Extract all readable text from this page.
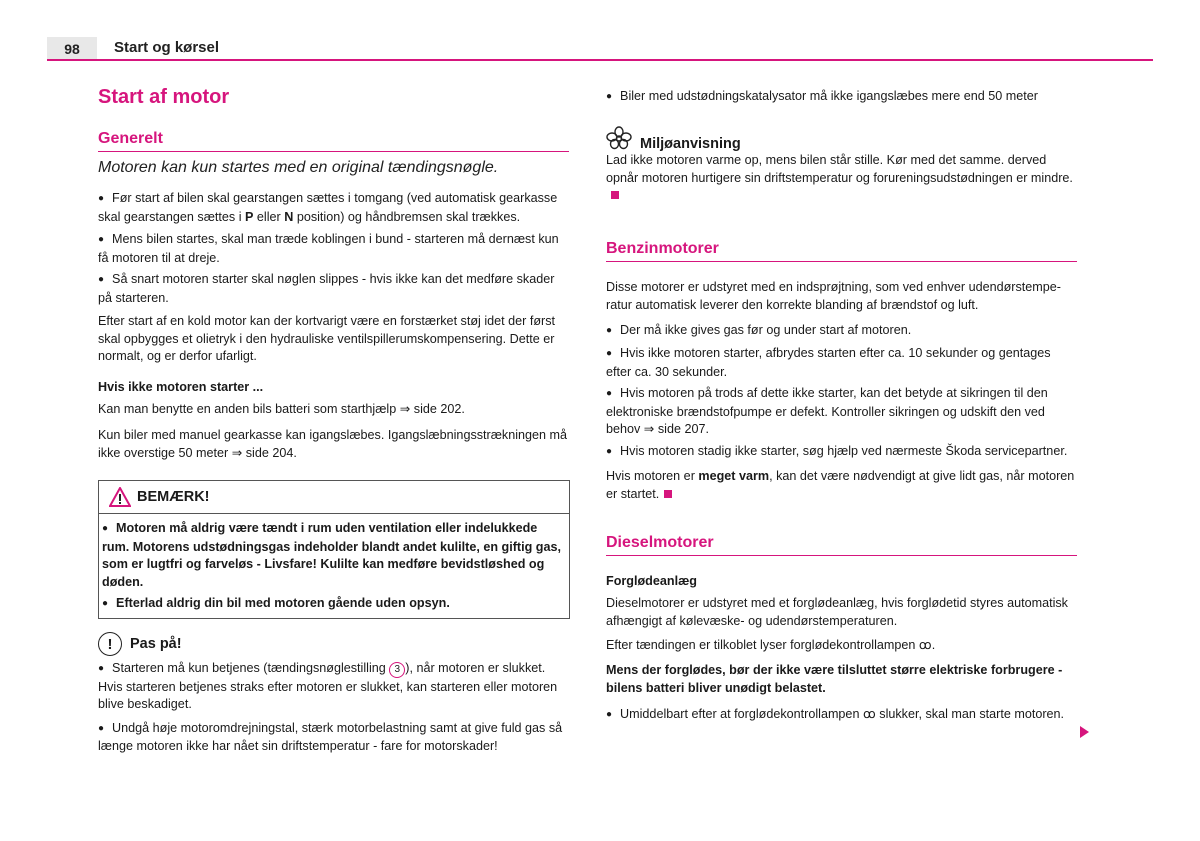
98	Start og kørsel
Start af motor
Generelt

Motoren kan kun startes med en original tændingsnøgle.

● Før start af bilen skal gearstangen sættes i tomgang (ved automatisk gearkasse skal gearstangen sættes i P eller N position) og håndbremsen skal trækkes.

● Mens bilen startes, skal man træde koblingen i bund - starteren må dernæst kun få motoren til at dreje.

● Så snart motoren starter skal nøglen slippes - hvis ikke kan det medføre skader på starteren.

Efter start af en kold motor kan der kortvarigt være en forstærket støj idet der først skal opbygges et olietryk i den hydrauliske ventilspillerumskompensering. Dette er normalt, og er derfor ufarligt.

Hvis ikke motoren starter ...

Kan man benytte en anden bils batteri som starthjælp ⇒ side 202.

Kun biler med manuel gearkasse kan igangslæbes. Igangslæbningsstrækningen må ikke overstige 50 meter ⇒ side 204.

BEMÆRK!

● Motoren må aldrig være tændt i rum uden ventilation eller indelukkede rum. Motorens udstødningsgas indeholder blandt andet kulilte, en giftig gas, som er lugtfri og farveløs - Livsfare! Kulilte kan medføre bevidstløshed og døden.

● Efterlad aldrig din bil med motoren gående uden opsyn.

!	Pas på!

● Starteren må kun betjenes (tændingsnøglestilling 3 ), når motoren er slukket. Hvis starteren betjenes straks efter motoren er slukket, kan starteren eller motoren blive beskadiget.

● Undgå høje motoromdrejningstal, stærk motorbelastning samt at give fuld gas så længe motoren ikke har nået sin driftstemperatur - fare for motorskader!

● Biler med udstødningskatalysator må ikke igangslæbes mere end 50 meter

Miljøanvisning

Lad ikke motoren varme op, mens bilen står stille. Kør med det samme. derved opnår motoren hurtigere sin driftstemperatur og forureningsudstødningen er mindre.

Benzinmotorer

Disse motorer er udstyret med en indsprøjtning, som ved enhver udendørstempe-ratur automatisk leverer den korrekte blanding af brændstof og luft.

● Der må ikke gives gas før og under start af motoren.

● Hvis ikke motoren starter, afbrydes starten efter ca. 10 sekunder og gentages efter ca. 30 sekunder.

● Hvis motoren på trods af dette ikke starter, kan det betyde at sikringen til den elektroniske brændstofpumpe er defekt. Kontroller sikringen og udskift den ved behov ⇒ side 207.

● Hvis motoren stadig ikke starter, søg hjælp ved nærmeste Škoda servicepartner.

Hvis motoren er meget varm, kan det være nødvendigt at give lidt gas, når motoren er startet.

Dieselmotorer

Forglødeanlæg

Dieselmotorer er udstyret med et forglødeanlæg, hvis forglødetid styres automatisk afhængigt af kølevæske- og udendørstemperaturen.

Efter tændingen er tilkoblet lyser forglødekontrollampen ꝏ.

Mens der forglødes, bør der ikke være tilsluttet større elektriske forbrugere - bilens batteri bliver unødigt belastet.

● Umiddelbart efter at forglødekontrollampen ꝏ slukker, skal man starte motoren.
